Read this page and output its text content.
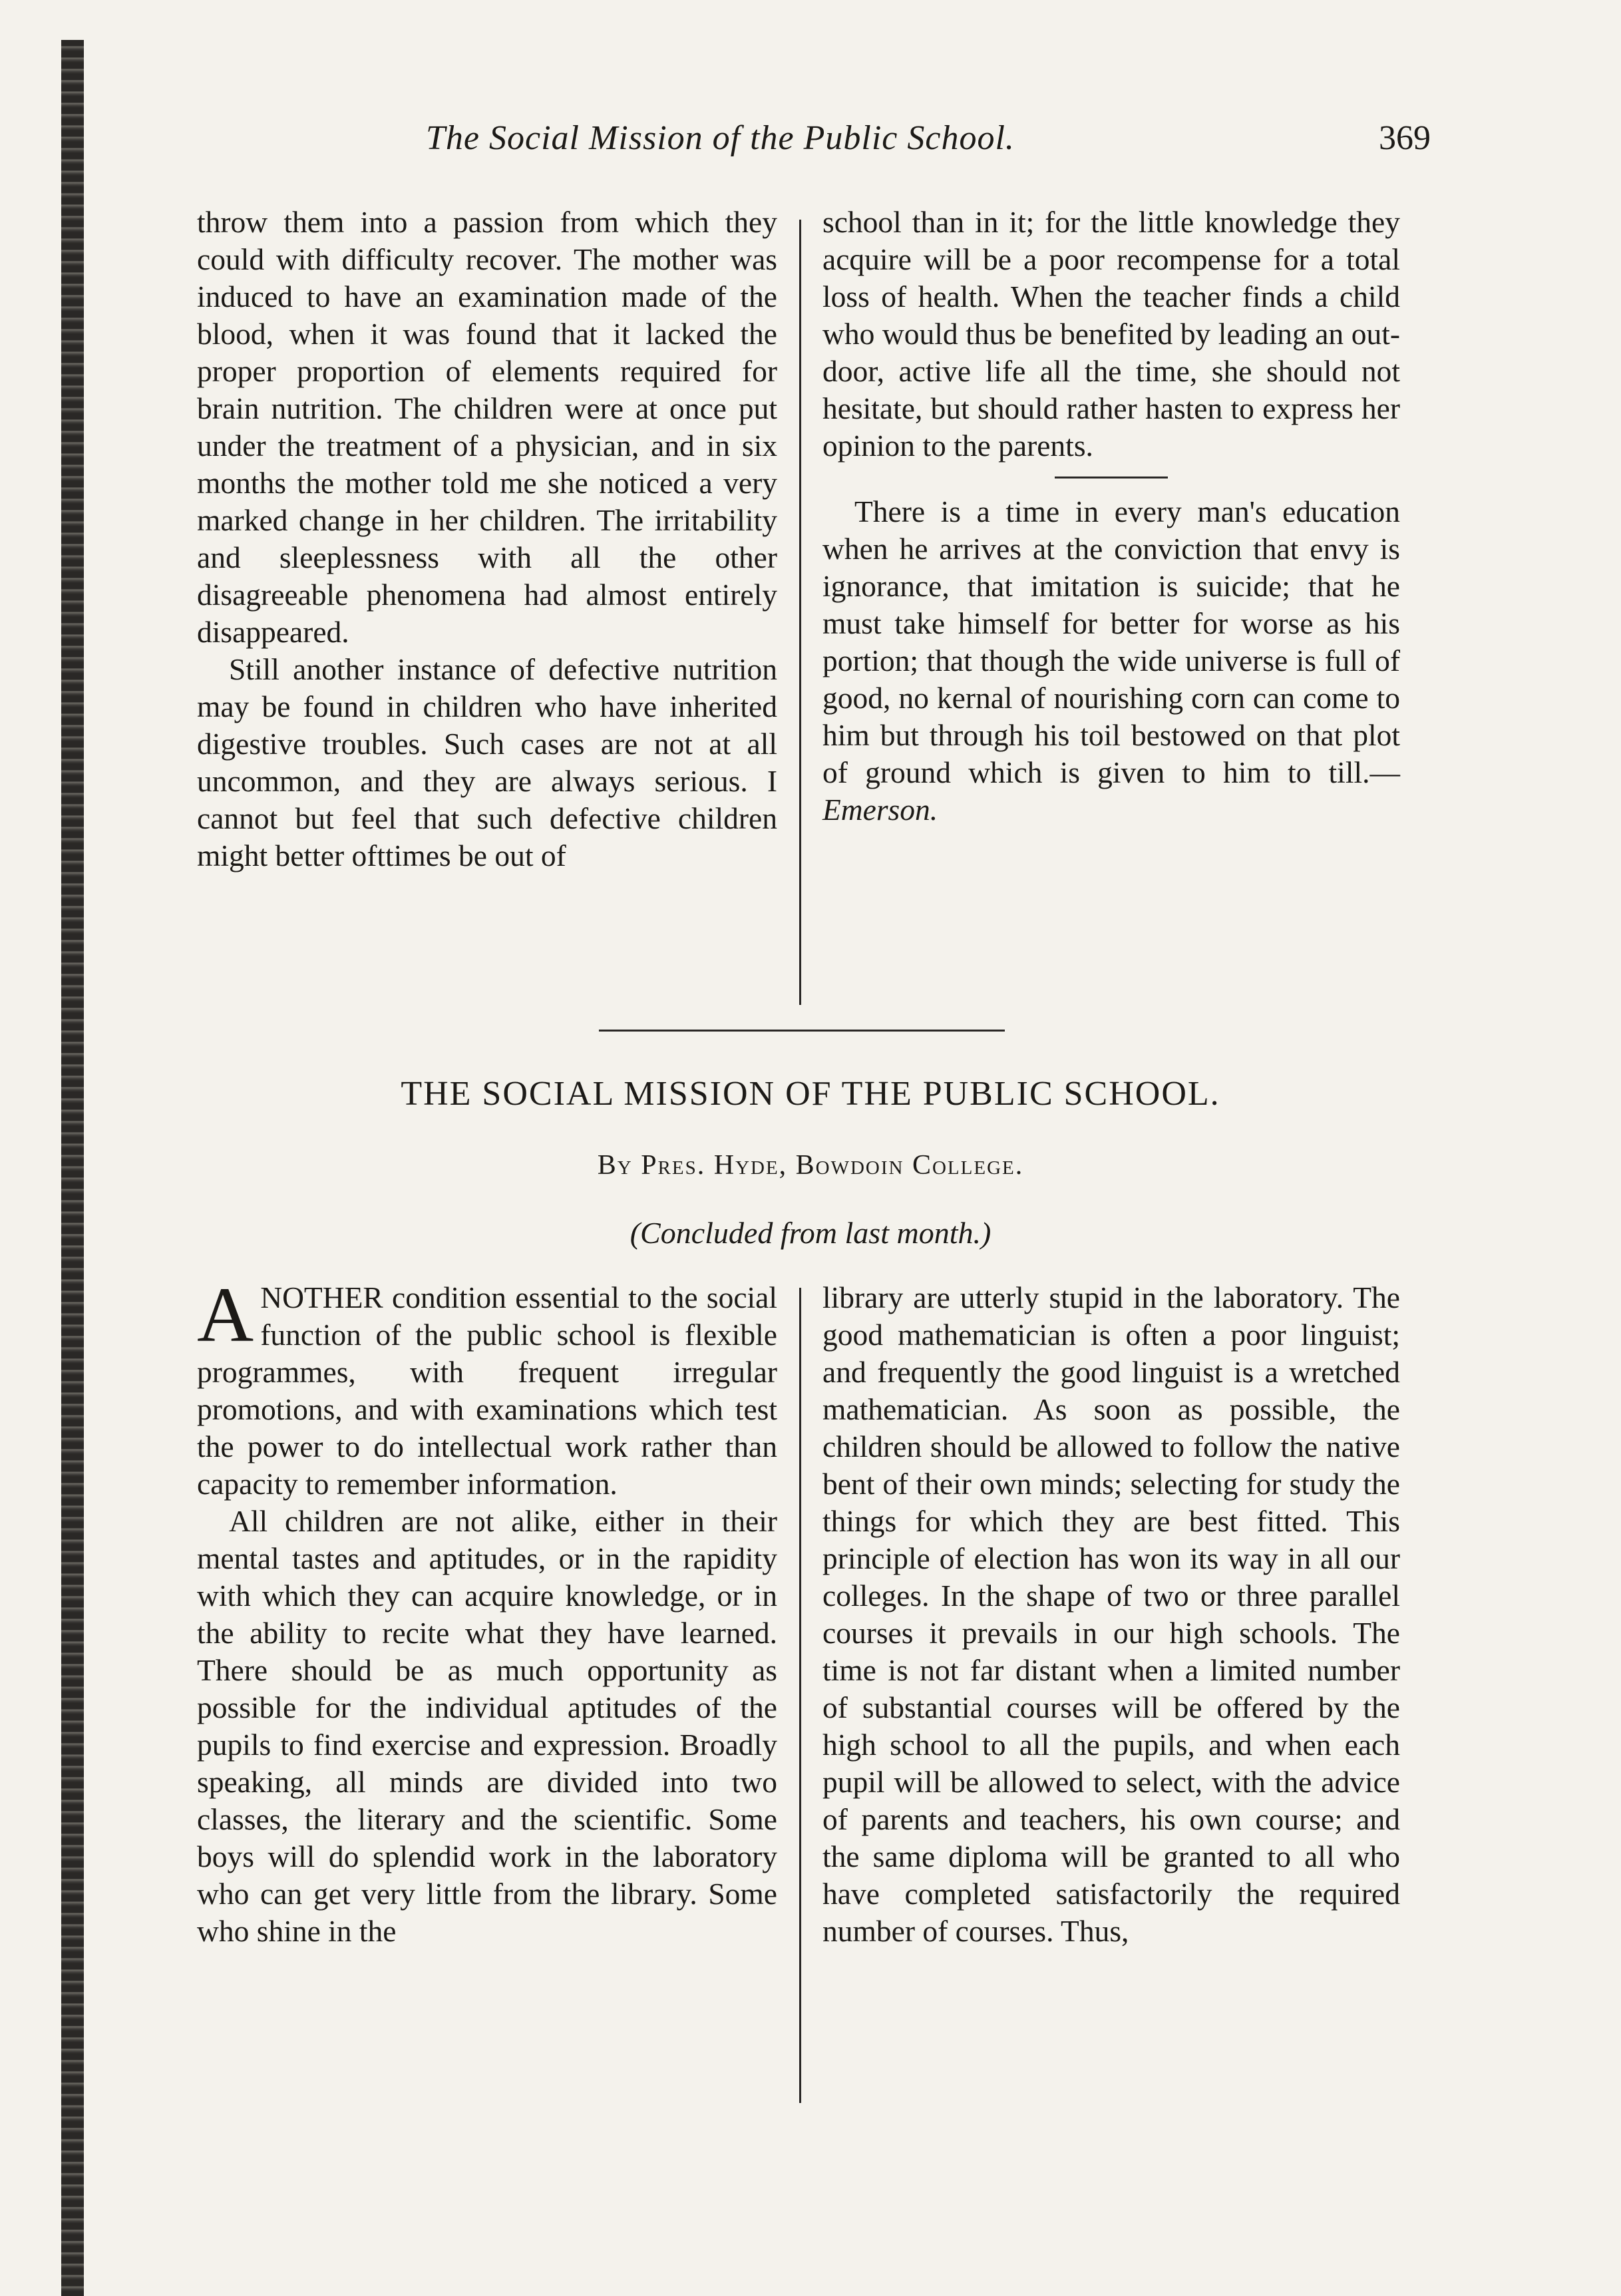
The Social Mission of the Public School.	369

throw them into a passion from which they could with difficulty recover. The mother was induced to have an examination made of the blood, when it was found that it lacked the proper proportion of elements required for brain nutrition. The children were at once put under the treatment of a physician, and in six months the mother told me she noticed a very marked change in her children. The irritability and sleeplessness with all the other disagreeable phenomena had almost entirely disappeared.

Still another instance of defective nutrition may be found in children who have inherited digestive troubles. Such cases are not at all uncommon, and they are always serious. I cannot but feel that such defective children might better ofttimes be out of

school than in it; for the little knowledge they acquire will be a poor recompense for a total loss of health. When the teacher finds a child who would thus be benefited by leading an out-door, active life all the time, she should not hesitate, but should rather hasten to express her opinion to the parents.

There is a time in every man's education when he arrives at the conviction that envy is ignorance, that imitation is suicide; that he must take himself for better for worse as his portion; that though the wide universe is full of good, no kernal of nourishing corn can come to him but through his toil bestowed on that plot of ground which is given to him to till.—Emerson.

THE SOCIAL MISSION OF THE PUBLIC SCHOOL.
By Pres. Hyde, Bowdoin College.
(Concluded from last month.)

ANOTHER condition essential to the social function of the public school is flexible programmes, with frequent irregular promotions, and with examinations which test the power to do intellectual work rather than capacity to remember information.

All children are not alike, either in their mental tastes and aptitudes, or in the rapidity with which they can acquire knowledge, or in the ability to recite what they have learned. There should be as much opportunity as possible for the individual aptitudes of the pupils to find exercise and expression. Broadly speaking, all minds are divided into two classes, the literary and the scientific. Some boys will do splendid work in the laboratory who can get very little from the library. Some who shine in the

library are utterly stupid in the laboratory. The good mathematician is often a poor linguist; and frequently the good linguist is a wretched mathematician. As soon as possible, the children should be allowed to follow the native bent of their own minds; selecting for study the things for which they are best fitted. This principle of election has won its way in all our colleges. In the shape of two or three parallel courses it prevails in our high schools. The time is not far distant when a limited number of substantial courses will be offered by the high school to all the pupils, and when each pupil will be allowed to select, with the advice of parents and teachers, his own course; and the same diploma will be granted to all who have completed satisfactorily the required number of courses. Thus,
